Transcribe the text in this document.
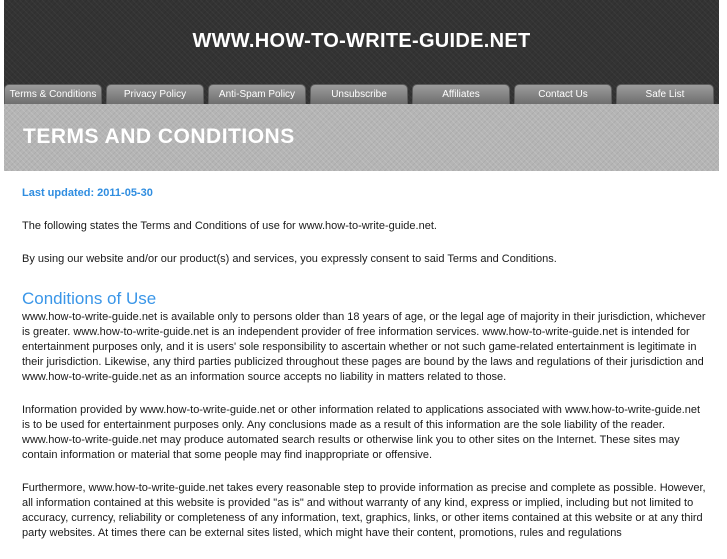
WWW.HOW-TO-WRITE-GUIDE.NET
Terms & Conditions	Privacy Policy	Anti-Spam Policy	Unsubscribe	Affiliates	Contact Us	Safe List
TERMS AND CONDITIONS

Last updated: 2011-05-30

The following states the Terms and Conditions of use for www.how-to-write-guide.net.

By using our website and/or our product(s) and services, you expressly consent to said Terms and Conditions.

Conditions of Use

www.how-to-write-guide.net is available only to persons older than 18 years of age, or the legal age of majority in their jurisdiction, whichever is greater. www.how-to-write-guide.net is an independent provider of free information services. www.how-to-write-guide.net is intended for entertainment purposes only, and it is users' sole responsibility to ascertain whether or not such game-related entertainment is legitimate in their jurisdiction. Likewise, any third parties publicized throughout these pages are bound by the laws and regulations of their jurisdiction and www.how-to-write-guide.net as an information source accepts no liability in matters related to those.

Information provided by www.how-to-write-guide.net or other information related to applications associated with www.how-to-write-guide.net is to be used for entertainment purposes only. Any conclusions made as a result of this information are the sole liability of the reader. www.how-to-write-guide.net may produce automated search results or otherwise link you to other sites on the Internet. These sites may contain information or material that some people may find inappropriate or offensive.

Furthermore, www.how-to-write-guide.net takes every reasonable step to provide information as precise and complete as possible. However, all information contained at this website is provided "as is" and without warranty of any kind, express or implied, including but not limited to accuracy, currency, reliability or completeness of any information, text, graphics, links, or other items contained at this website or at any third party websites. At times there can be external sites listed, which might have their content, promotions, rules and regulations
